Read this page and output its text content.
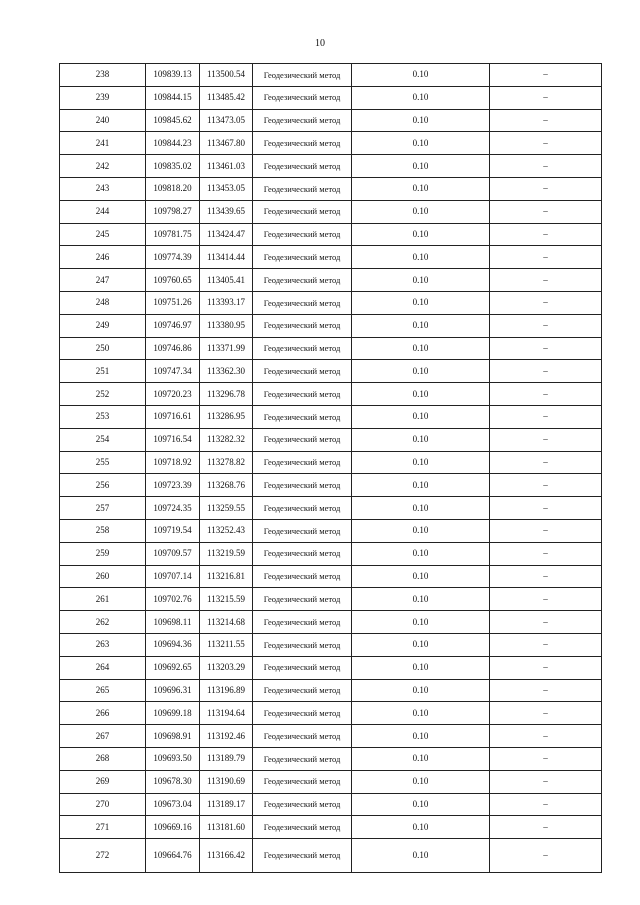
10
238	109839.13	113500.54	Геодезический метод	0.10	–
239	109844.15	113485.42	Геодезический метод	0.10	–
240	109845.62	113473.05	Геодезический метод	0.10	–
241	109844.23	113467.80	Геодезический метод	0.10	–
242	109835.02	113461.03	Геодезический метод	0.10	–
243	109818.20	113453.05	Геодезический метод	0.10	–
244	109798.27	113439.65	Геодезический метод	0.10	–
245	109781.75	113424.47	Геодезический метод	0.10	–
246	109774.39	113414.44	Геодезический метод	0.10	–
247	109760.65	113405.41	Геодезический метод	0.10	–
248	109751.26	113393.17	Геодезический метод	0.10	–
249	109746.97	113380.95	Геодезический метод	0.10	–
250	109746.86	113371.99	Геодезический метод	0.10	–
251	109747.34	113362.30	Геодезический метод	0.10	–
252	109720.23	113296.78	Геодезический метод	0.10	–
253	109716.61	113286.95	Геодезический метод	0.10	–
254	109716.54	113282.32	Геодезический метод	0.10	–
255	109718.92	113278.82	Геодезический метод	0.10	–
256	109723.39	113268.76	Геодезический метод	0.10	–
257	109724.35	113259.55	Геодезический метод	0.10	–
258	109719.54	113252.43	Геодезический метод	0.10	–
259	109709.57	113219.59	Геодезический метод	0.10	–
260	109707.14	113216.81	Геодезический метод	0.10	–
261	109702.76	113215.59	Геодезический метод	0.10	–
262	109698.11	113214.68	Геодезический метод	0.10	–
263	109694.36	113211.55	Геодезический метод	0.10	–
264	109692.65	113203.29	Геодезический метод	0.10	–
265	109696.31	113196.89	Геодезический метод	0.10	–
266	109699.18	113194.64	Геодезический метод	0.10	–
267	109698.91	113192.46	Геодезический метод	0.10	–
268	109693.50	113189.79	Геодезический метод	0.10	–
269	109678.30	113190.69	Геодезический метод	0.10	–
270	109673.04	113189.17	Геодезический метод	0.10	–
271	109669.16	113181.60	Геодезический метод	0.10	–
272	109664.76	113166.42	Геодезический метод	0.10	–
